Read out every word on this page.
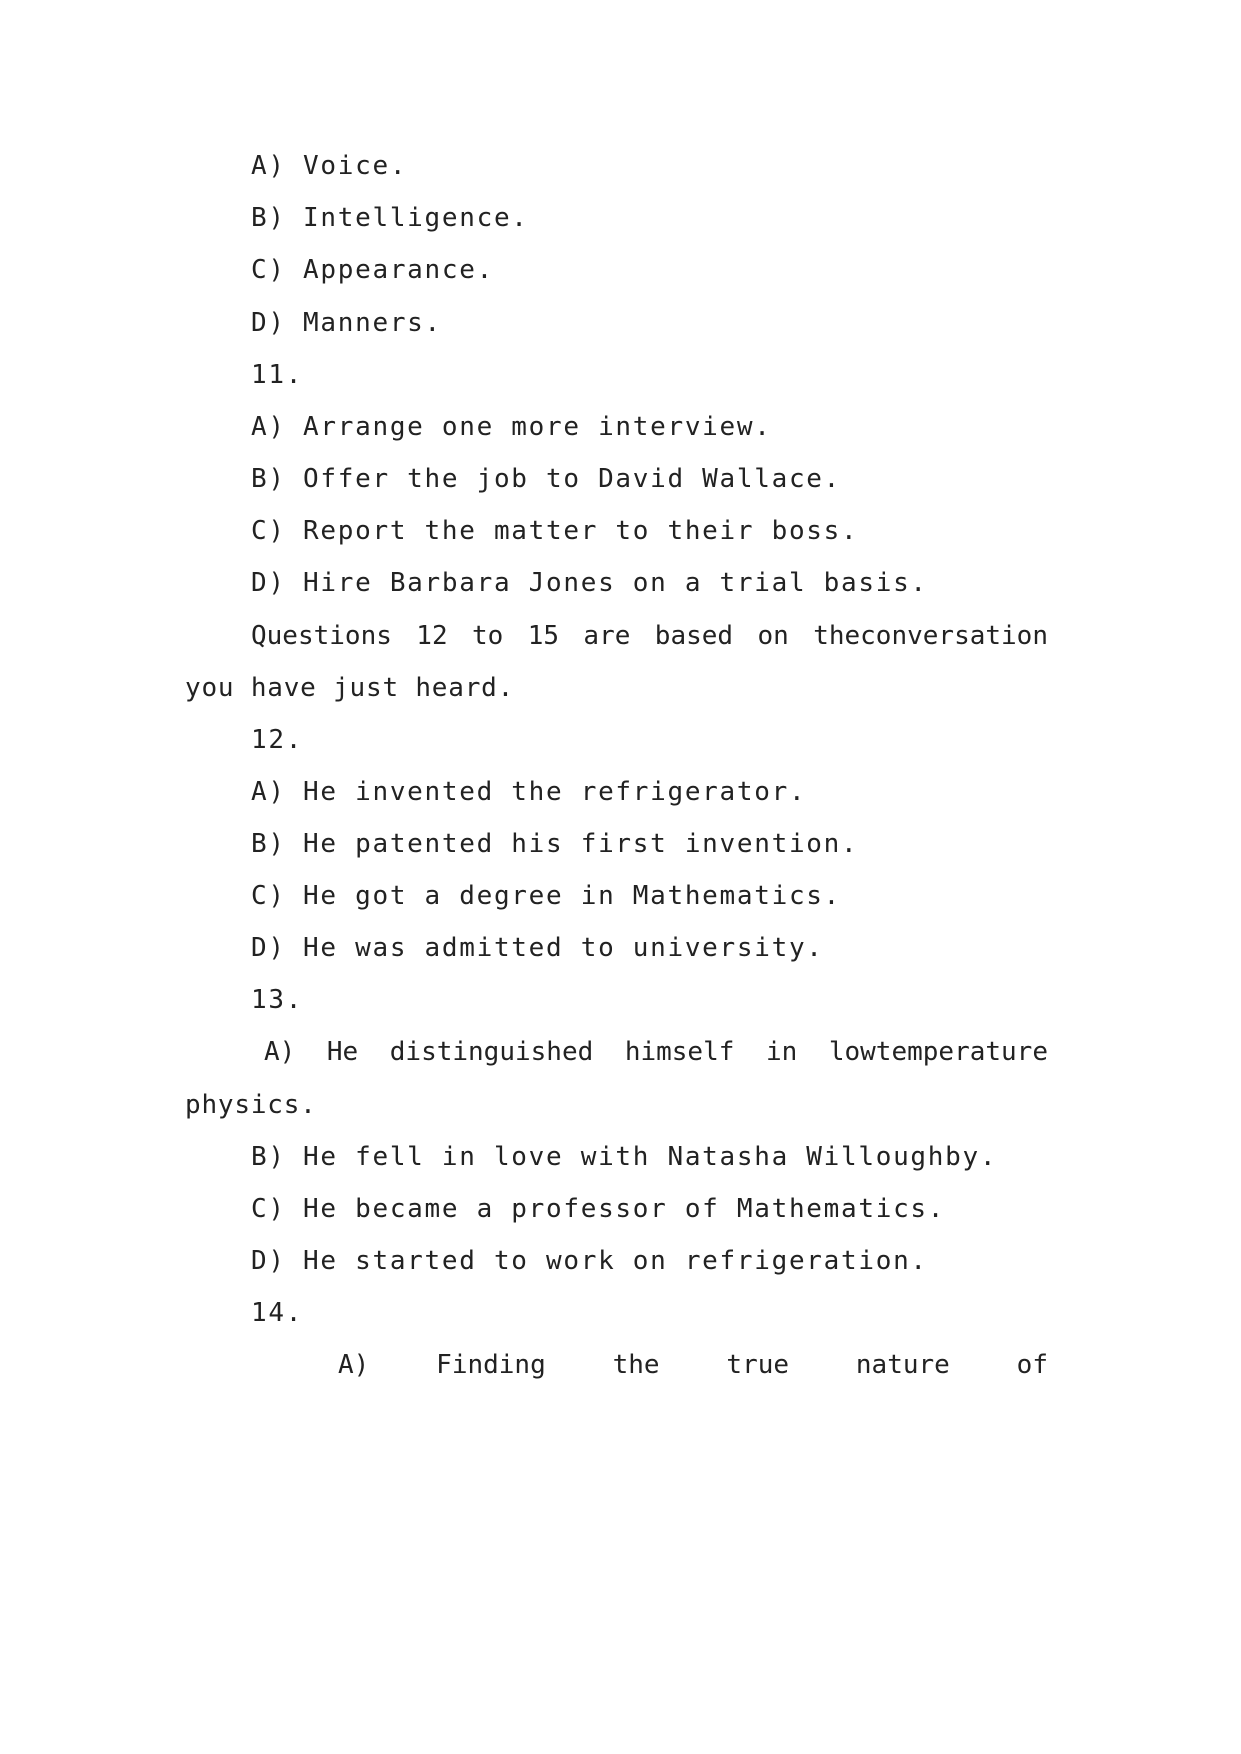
A) Voice.
B) Intelligence.
C) Appearance.
D) Manners.
11.
A) Arrange one more interview.
B) Offer the job to David Wallace.
C) Report the matter to their boss.
D) Hire Barbara Jones on a trial basis.
Questions 12 to 15 are based on theconversation
you have just heard.
12.
A) He invented the refrigerator.
B) He patented his first invention.
C) He got a degree in Mathematics.
D) He was admitted to university.
13.
A) He distinguished himself in lowtemperature
physics.
B) He fell in love with Natasha Willoughby.
C) He became a professor of Mathematics.
D) He started to work on refrigeration.
14.
A) Finding the true nature of
